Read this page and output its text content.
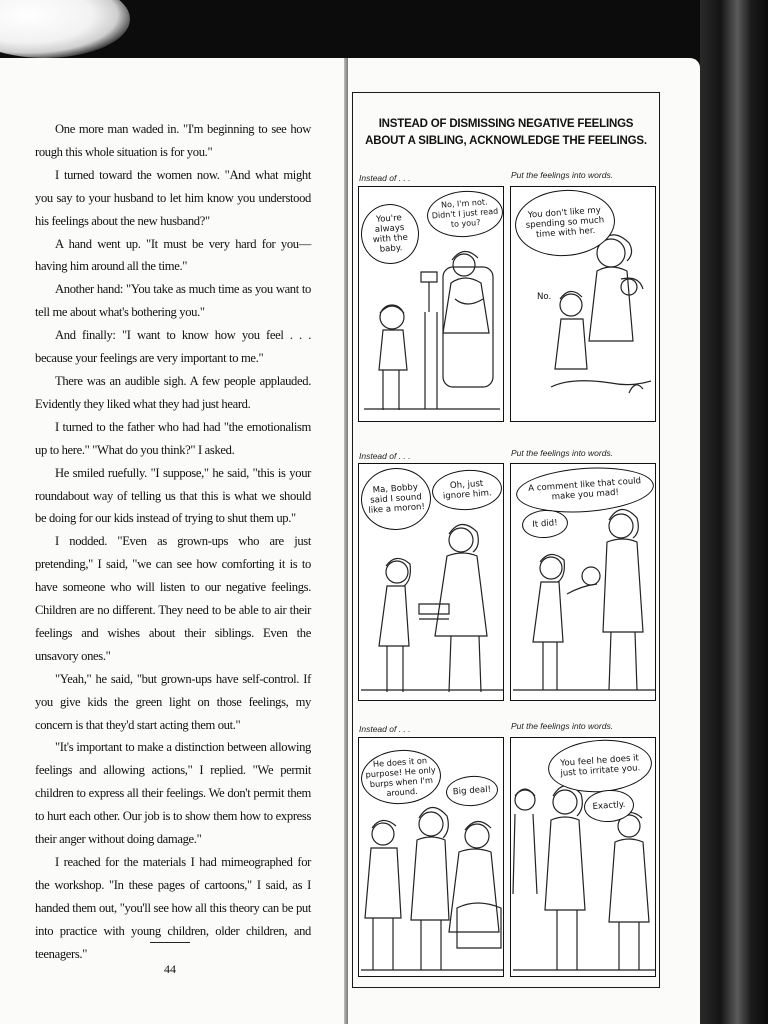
One more man waded in. "I'm beginning to see how rough this whole situation is for you."

I turned toward the women now. "And what might you say to your husband to let him know you understood his feelings about the new husband?"

A hand went up. "It must be very hard for you—having him around all the time."

Another hand: "You take as much time as you want to tell me about what's bothering you."

And finally: "I want to know how you feel . . . because your feelings are very important to me."

There was an audible sigh. A few people applauded. Evidently they liked what they had just heard.

I turned to the father who had had "the emotionalism up to here." "What do you think?" I asked.

He smiled ruefully. "I suppose," he said, "this is your roundabout way of telling us that this is what we should be doing for our kids instead of trying to shut them up."

I nodded. "Even as grown-ups who are just pretending," I said, "we can see how comforting it is to have someone who will listen to our negative feelings. Children are no different. They need to be able to air their feelings and wishes about their siblings. Even the unsavory ones."

"Yeah," he said, "but grown-ups have self-control. If you give kids the green light on those feelings, my concern is that they'd start acting them out."

"It's important to make a distinction between allowing feelings and allowing actions," I replied. "We permit children to express all their feelings. We don't permit them to hurt each other. Our job is to show them how to express their anger without doing damage."

I reached for the materials I had mimeographed for the workshop. "In these pages of cartoons," I said, as I handed them out, "you'll see how all this theory can be put into practice with young children, older children, and teenagers."

44
INSTEAD OF DISMISSING NEGATIVE FEELINGS
ABOUT A SIBLING, ACKNOWLEDGE THE FEELINGS.
Instead of . . .	Put the feelings into words.
You're always with the baby.
No, I'm not. Didn't I just read to you?
You don't like my spending so much time with her.
No.
Instead of . . .	Put the feelings into words.
Ma, Bobby said I sound like a moron!
Oh, just ignore him.
A comment like that could make you mad!
It did!
Instead of . . .	Put the feelings into words.
He does it on purpose! He only burps when I'm around.	Big deal!
You feel he does it just to irritate you.
Exactly.
